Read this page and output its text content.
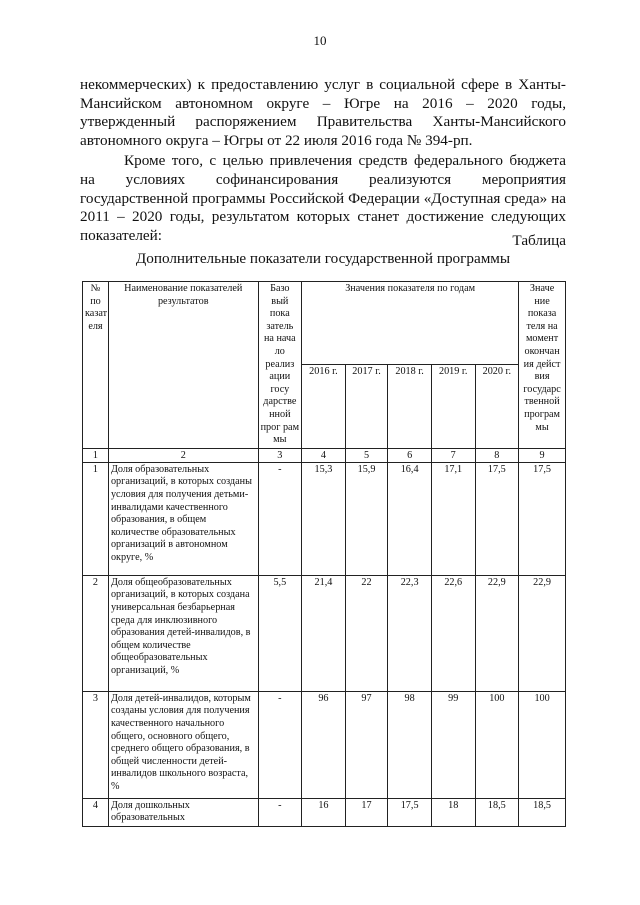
10

некоммерческих) к предоставлению услуг в социальной сфере в Ханты-Мансийском автономном округе – Югре на 2016 – 2020 годы, утвержденный распоряжением Правительства Ханты-Мансийского автономного округа – Югры от 22 июля 2016 года № 394-рп.

Кроме того, с целью привлечения средств федерального бюджета на условиях софинансирования реализуются мероприятия государственной программы Российской Федерации «Доступная среда» на 2011 – 2020 годы, результатом которых станет достижение следующих показателей:	Таблица
Дополнительные показатели государственной программы
№ по казат еля	Наименование показателей результатов	Базо вый пока затель на нача ло реализ ации госу дарстве нной прог рам мы	Значения показателя по годам					Значе ние показа теля на момент окончан ия дейст вия государс твенной програм мы
			2016 г.	2017 г.	2018 г.	2019 г.	2020 г.	
1	2	3	4	5	6	7	8	9
1	Доля образовательных организаций, в которых созданы условия для получения детьми-инвалидами качественного образования, в общем количестве образовательных организаций в автономном округе, %	-	15,3	15,9	16,4	17,1	17,5	17,5
2	Доля общеобразовательных организаций, в которых создана универсальная безбарьерная среда для инклюзивного образования детей-инвалидов, в общем количестве общеобразовательных организаций, %	5,5	21,4	22	22,3	22,6	22,9	22,9
3	Доля детей-инвалидов, которым созданы условия для получения качественного начального общего, основного общего, среднего общего образования, в общей численности детей-инвалидов школьного возраста, %	-	96	97	98	99	100	100
4	Доля дошкольных образовательных	-	16	17	17,5	18	18,5	18,5
